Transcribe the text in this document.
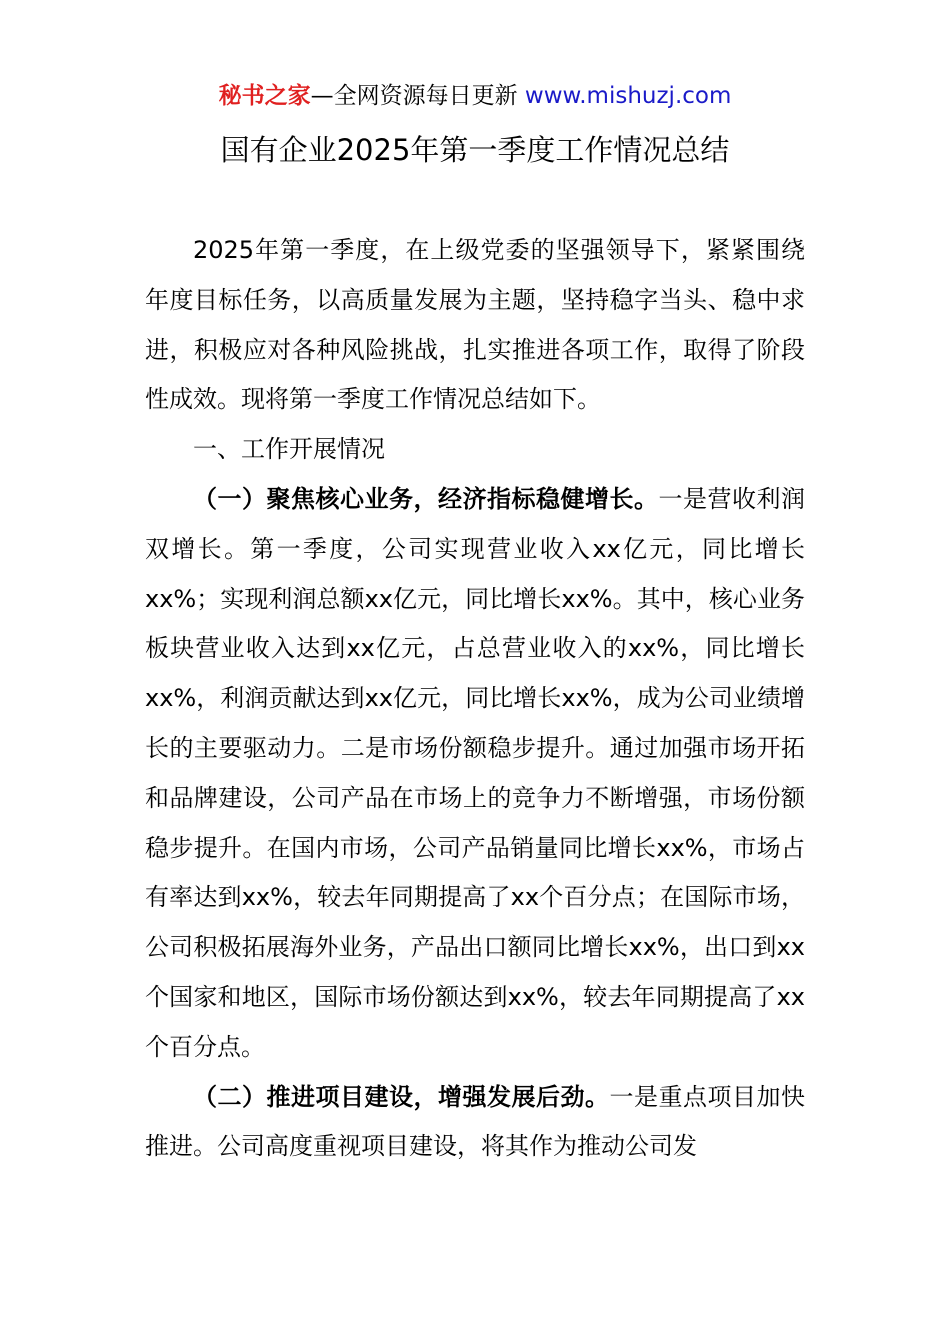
秘书之家—全网资源每日更新 www.mishuzj.com
国有企业2025年第一季度工作情况总结

2025年第一季度，在上级党委的坚强领导下，紧紧围绕年度目标任务，以高质量发展为主题，坚持稳字当头、稳中求进，积极应对各种风险挑战，扎实推进各项工作，取得了阶段性成效。现将第一季度工作情况总结如下。

一、工作开展情况

（一）聚焦核心业务，经济指标稳健增长。一是营收利润双增长。第一季度，公司实现营业收入xx亿元，同比增长xx%；实现利润总额xx亿元，同比增长xx%。其中，核心业务板块营业收入达到xx亿元，占总营业收入的xx%，同比增长xx%，利润贡献达到xx亿元，同比增长xx%，成为公司业绩增长的主要驱动力。二是市场份额稳步提升。通过加强市场开拓和品牌建设，公司产品在市场上的竞争力不断增强，市场份额稳步提升。在国内市场，公司产品销量同比增长xx%，市场占有率达到xx%，较去年同期提高了xx个百分点；在国际市场，公司积极拓展海外业务，产品出口额同比增长xx%，出口到xx个国家和地区，国际市场份额达到xx%，较去年同期提高了xx个百分点。

（二）推进项目建设，增强发展后劲。一是重点项目加快推进。公司高度重视项目建设，将其作为推动公司发
